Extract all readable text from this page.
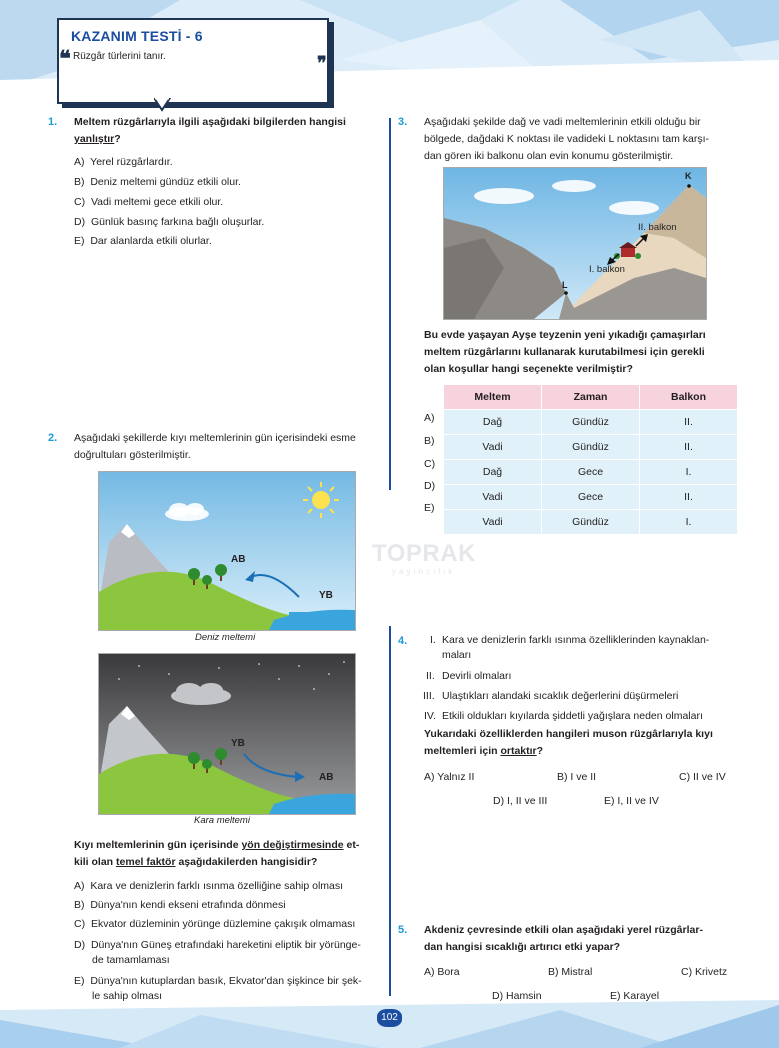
KAZANIM TESTİ - 6
Rüzgâr türlerini tanır.
❝	❞
TOPRAK
yayıncılık
1. Meltem rüzgârlarıyla ilgili aşağıdaki bilgilerden hangisi
yanlıştır?
A) Yerel rüzgârlardır.
B) Deniz meltemi gündüz etkili olur.
C) Vadi meltemi gece etkili olur.
D) Günlük basınç farkına bağlı oluşurlar.
E) Dar alanlarda etkili olurlar.
2. Aşağıdaki şekillerde kıyı meltemlerinin gün içerisindeki esme
doğrultuları gösterilmiştir.
AB
YB
Deniz meltemi
YB
AB
Kara meltemi
Kıyı meltemlerinin gün içerisinde yön değiştirmesinde et-
kili olan temel faktör aşağıdakilerden hangisidir?
A) Kara ve denizlerin farklı ısınma özelliğine sahip olması
B) Dünya'nın kendi ekseni etrafında dönmesi
C) Ekvator düzleminin yörünge düzlemine çakışık olmaması
D) Dünya'nın Güneş etrafındaki hareketini eliptik bir yörünge-
de tamamlaması
E) Dünya'nın kutuplardan basık, Ekvator'dan şişkince bir şek-
le sahip olması
3. Aşağıdaki şekilde dağ ve vadi meltemlerinin etkili olduğu bir
bölgede, dağdaki K noktası ile vadideki L noktasını tam karşı-
dan gören iki balkonu olan evin konumu gösterilmiştir.
K
L
II. balkon
I. balkon
Bu evde yaşayan Ayşe teyzenin yeni yıkadığı çamaşırları
meltem rüzgârlarını kullanarak kurutabilmesi için gerekli
olan koşullar hangi seçenekte verilmiştir?
Meltem	Zaman	Balkon
Dağ	Gündüz	II.
Vadi	Gündüz	II.
Dağ	Gece	I.
Vadi	Gece	II.
Vadi	Gündüz	I.
A)
B)
C)
D)
E)
4. I. Kara ve denizlerin farklı ısınma özelliklerinden kaynaklan-
maları
II. Devirli olmaları
III. Ulaştıkları alandaki sıcaklık değerlerini düşürmeleri
IV. Etkili oldukları kıyılarda şiddetli yağışlara neden olmaları
Yukarıdaki özelliklerden hangileri muson rüzgârlarıyla kıyı
meltemleri için ortaktır?
A) Yalnız II	B) I ve II	C) II ve IV
D) I, II ve III	E) I, II ve IV
5. Akdeniz çevresinde etkili olan aşağıdaki yerel rüzgârlar-
dan hangisi sıcaklığı artırıcı etki yapar?
A) Bora	B) Mistral	C) Krivetz
D) Hamsin	E) Karayel
102
